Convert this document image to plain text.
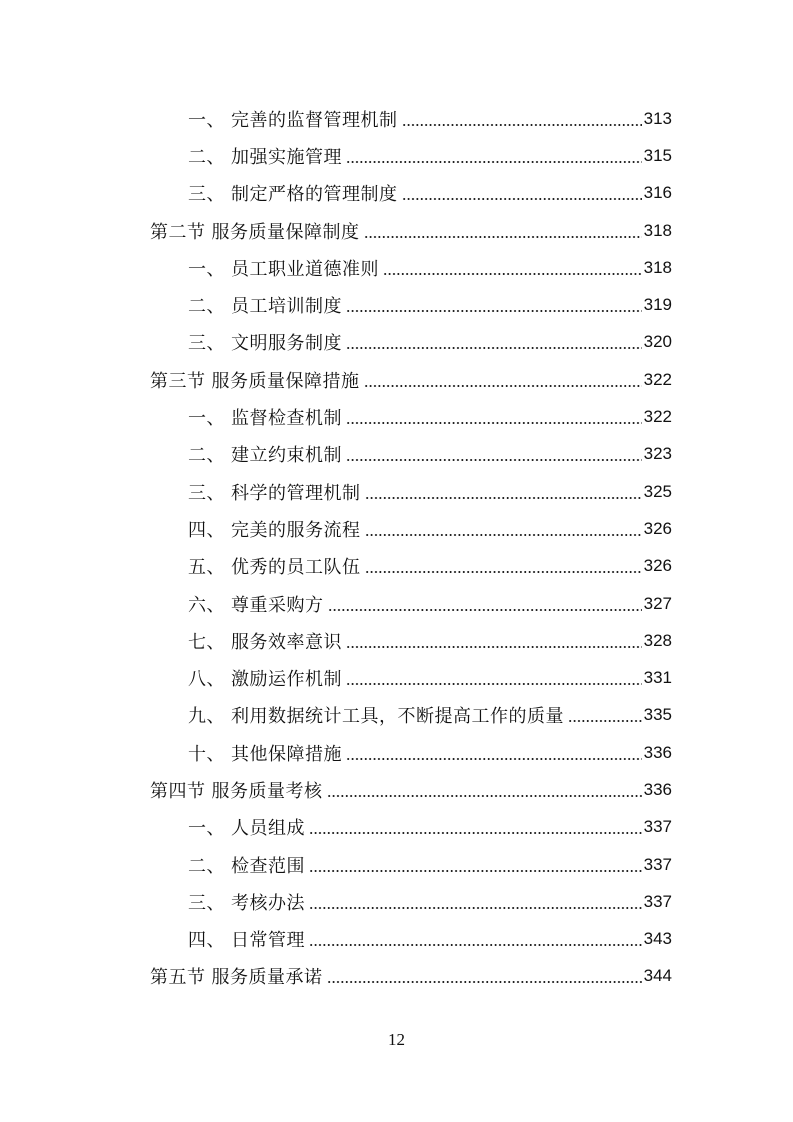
一、 完善的监督管理机制	313
二、 加强实施管理	315
三、 制定严格的管理制度	316
第二节 服务质量保障制度	318
一、 员工职业道德准则	318
二、 员工培训制度	319
三、 文明服务制度	320
第三节 服务质量保障措施	322
一、 监督检查机制	322
二、 建立约束机制	323
三、 科学的管理机制	325
四、 完美的服务流程	326
五、 优秀的员工队伍	326
六、 尊重采购方	327
七、 服务效率意识	328
八、 激励运作机制	331
九、 利用数据统计工具，不断提高工作的质量	335
十、 其他保障措施	336
第四节 服务质量考核	336
一、 人员组成	337
二、 检查范围	337
三、 考核办法	337
四、 日常管理	343
第五节 服务质量承诺	344
12
